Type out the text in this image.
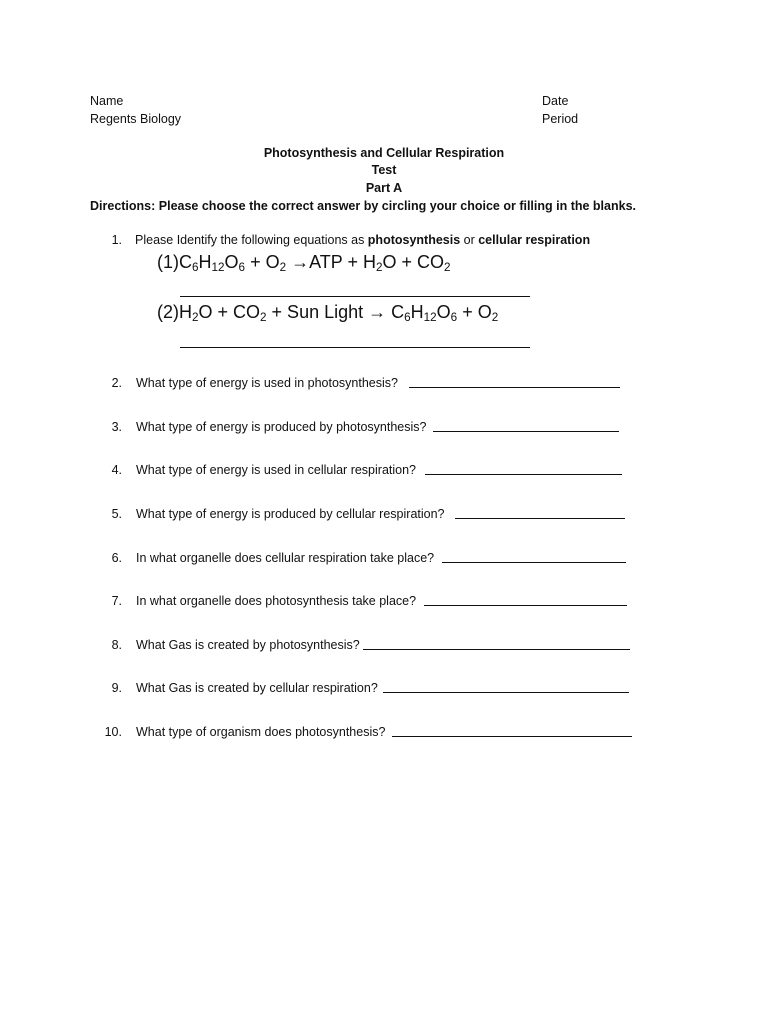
Name
Regents Biology
Date
Period
Photosynthesis and Cellular Respiration
Test
Part A
Directions: Please choose the correct answer by circling your choice or filling in the blanks.
1. Please Identify the following equations as photosynthesis or cellular respiration
$(1)C_6H_{12}O_6 + O_2 \to ATP + H_2O + CO_2$
$(2)H_2O + CO_2$ + Sun Light → $C_6H_{12}O_6 + O_2$
2. What type of energy is used in photosynthesis?
3. What type of energy is produced by photosynthesis?
4. What type of energy is used in cellular respiration?
5. What type of energy is produced by cellular respiration?
6. In what organelle does cellular respiration take place?
7. In what organelle does photosynthesis take place?
8. What Gas is created by photosynthesis?
9. What Gas is created by cellular respiration?
10. What type of organism does photosynthesis?
